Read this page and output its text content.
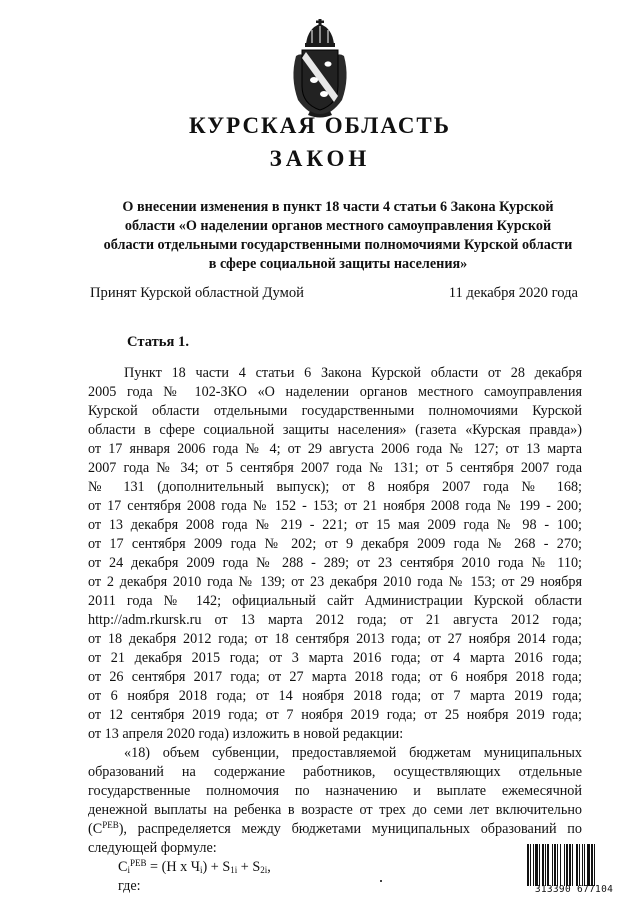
КУРСКАЯ ОБЛАСТЬ
ЗАКОН
О внесении изменения в пункт 18 части 4 статьи 6 Закона Курской
области «О наделении органов местного самоуправления Курской
области отдельными государственными полномочиями Курской области
в сфере социальной защиты населения»
Принят Курской областной Думой	11 декабря 2020 года
Статья 1.
Пункт 18 части 4 статьи 6 Закона Курской области от 28 декабря
2005 года № 102-ЗКО «О наделении органов местного самоуправления
Курской области отдельными государственными полномочиями Курской
области в сфере социальной защиты населения» (газета «Курская правда»)
от 17 января 2006 года № 4; от 29 августа 2006 года № 127; от 13 марта
2007 года № 34; от 5 сентября 2007 года № 131; от 5 сентября 2007 года
№ 131 (дополнительный выпуск); от 8 ноября 2007 года № 168;
от 17 сентября 2008 года № 152 - 153; от 21 ноября 2008 года № 199 - 200;
от 13 декабря 2008 года № 219 - 221; от 15 мая 2009 года № 98 - 100;
от 17 сентября 2009 года № 202; от 9 декабря 2009 года № 268 - 270;
от 24 декабря 2009 года № 288 - 289; от 23 сентября 2010 года № 110;
от 2 декабря 2010 года № 139; от 23 декабря 2010 года № 153; от 29 ноября
2011 года № 142; официальный сайт Администрации Курской области
http://adm.rkursk.ru от 13 марта 2012 года; от 21 августа 2012 года;
от 18 декабря 2012 года; от 18 сентября 2013 года; от 27 ноября 2014 года;
от 21 декабря 2015 года; от 3 марта 2016 года; от 4 марта 2016 года;
от 26 сентября 2017 года; от 27 марта 2018 года; от 6 ноября 2018 года;
от 6 ноября 2018 года; от 14 ноября 2018 года; от 7 марта 2019 года;
от 12 сентября 2019 года; от 7 ноября 2019 года; от 25 ноября 2019 года;
от 13 апреля 2020 года) изложить в новой редакции:
«18) объем субвенции, предоставляемой бюджетам муниципальных
образований на содержание работников, осуществляющих отдельные
государственные полномочия по назначению и выплате ежемесячной
денежной выплаты на ребенка в возрасте от трех до семи лет включительно
$(C^{PEB})$, распределяется между бюджетами муниципальных образований по
следующей формуле:
$C_i^{PEB} = (H$ х $Ч_i) + S_{1i} + S_{2i}$,
где:	313390 677104
